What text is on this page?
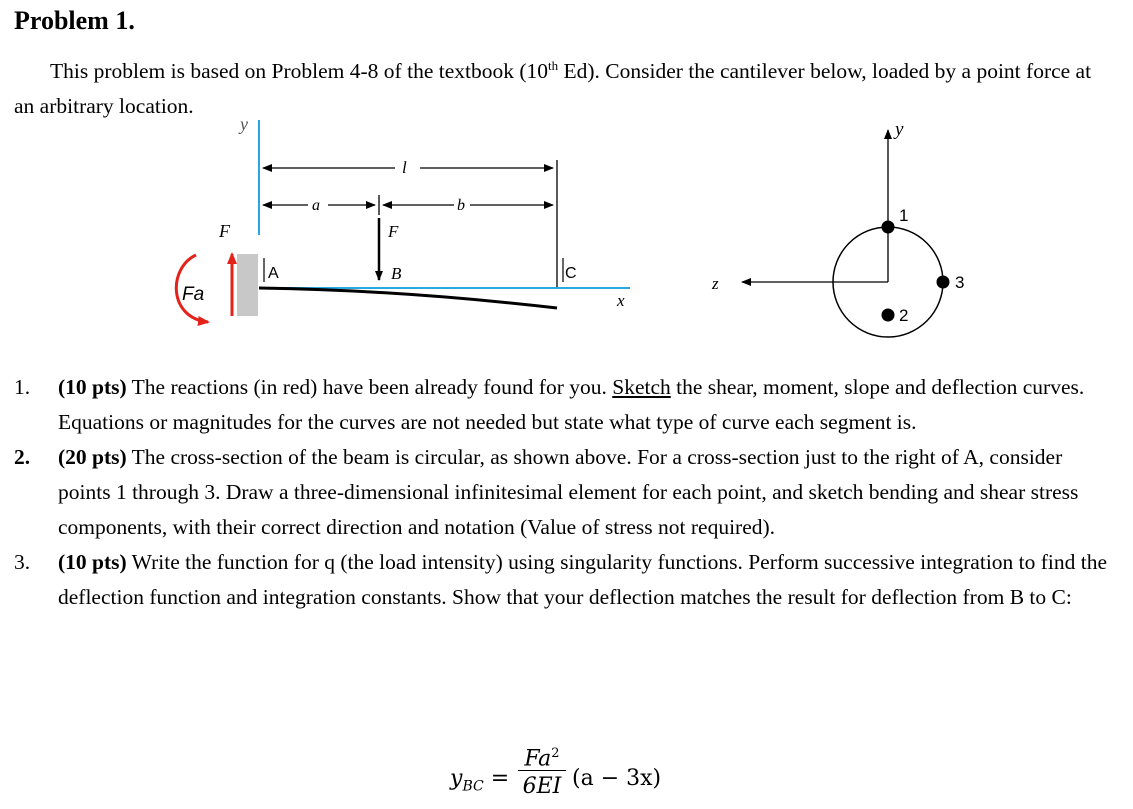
Problem 1.
This problem is based on Problem 4-8 of the textbook (10th Ed). Consider the cantilever below, loaded by a point force at an arbitrary location.
y
l
a	b
F
Fa	x
A	C
F
B
y
z
1
2
3
1. (10 pts) The reactions (in red) have been already found for you. Sketch the shear, moment, slope and deflection curves. Equations or magnitudes for the curves are not needed but state what type of curve each segment is.
2. (20 pts) The cross-section of the beam is circular, as shown above. For a cross-section just to the right of A, consider points 1 through 3. Draw a three-dimensional infinitesimal element for each point, and sketch bending and shear stress components, with their correct direction and notation (Value of stress not required).
3. (10 pts) Write the function for q (the load intensity) using singularity functions. Perform successive integration to find the deflection function and integration constants. Show that your deflection matches the result for deflection from B to C:
$y_{BC}$ =
$Fa^2$
6EI (a − 3x)
